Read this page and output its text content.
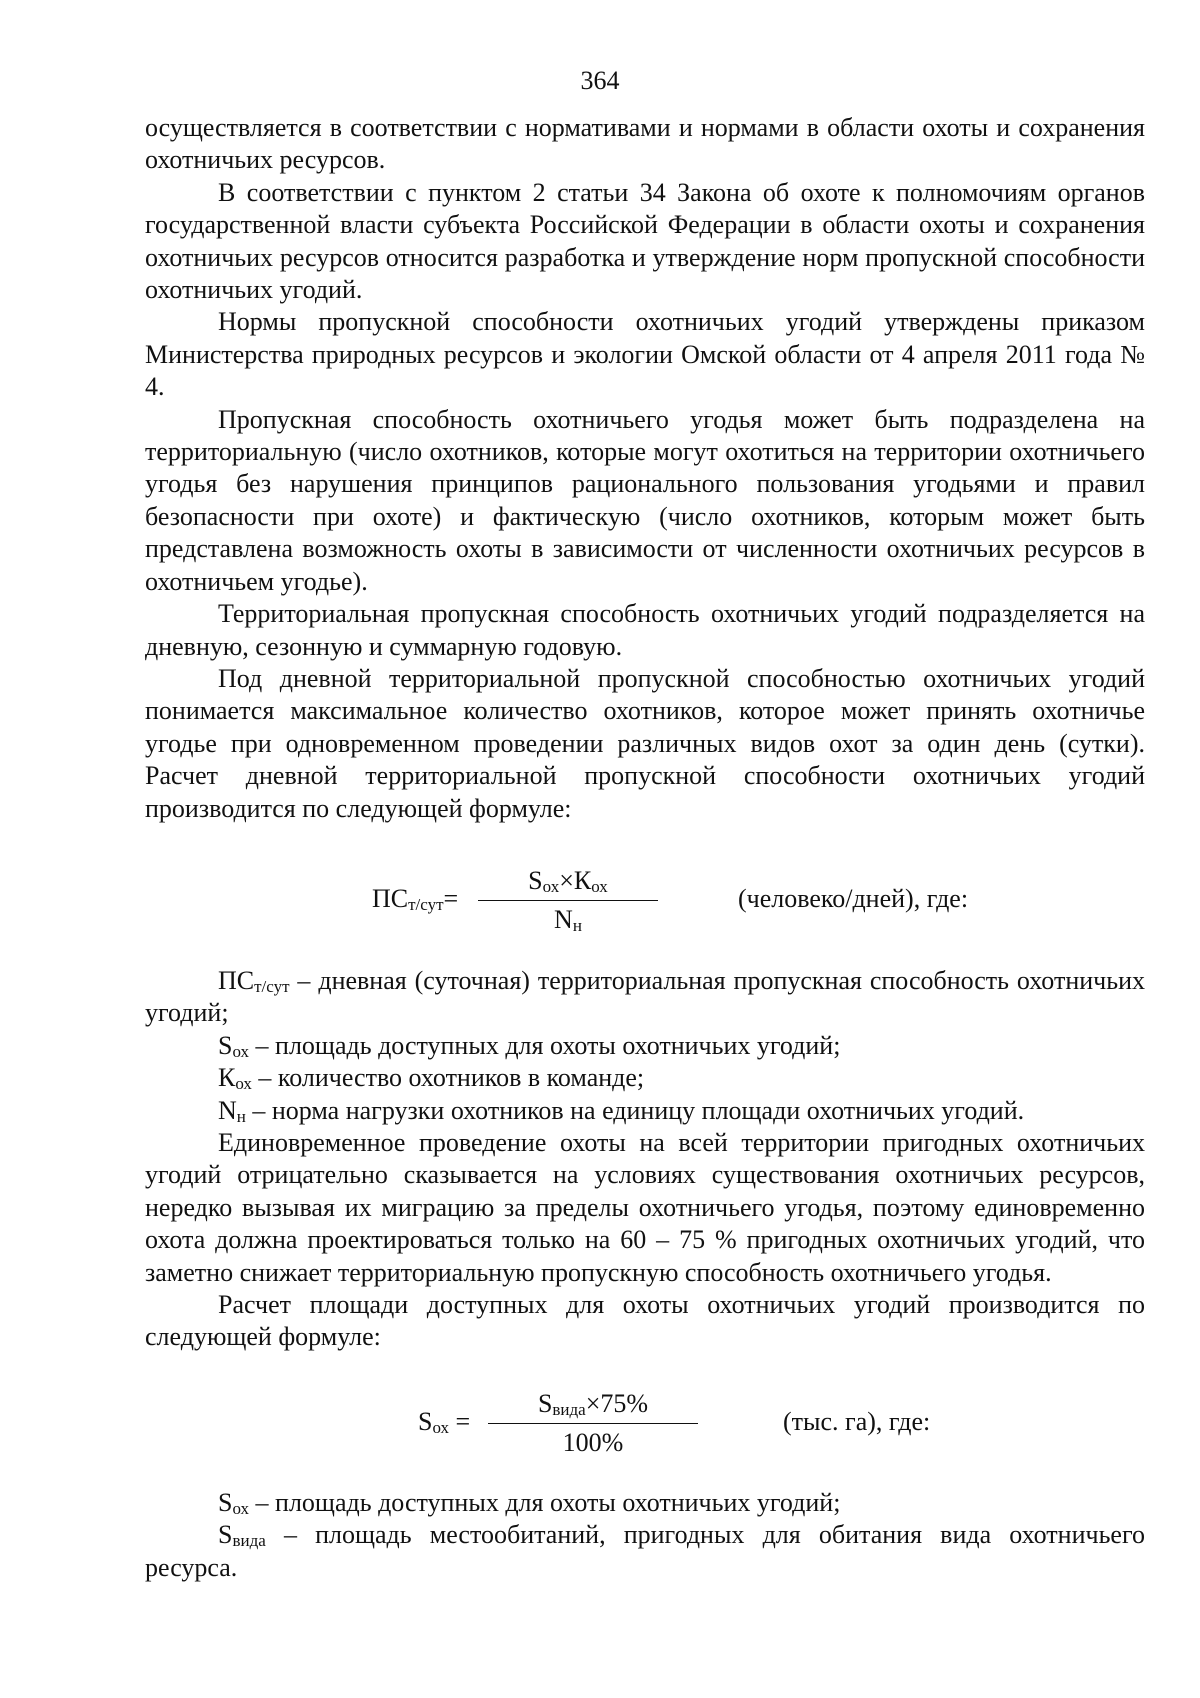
364

осуществляется в соответствии с нормативами и нормами в области охоты и сохранения охотничьих ресурсов.

В соответствии с пунктом 2 статьи 34 Закона об охоте к полномочиям органов государственной власти субъекта Российской Федерации в области охоты и сохранения охотничьих ресурсов относится разработка и утверждение норм пропускной способности охотничьих угодий.

Нормы пропускной способности охотничьих угодий утверждены приказом Министерства природных ресурсов и экологии Омской области от 4 апреля 2011 года № 4.

Пропускная способность охотничьего угодья может быть подразделена на территориальную (число охотников, которые могут охотиться на территории охотничьего угодья без нарушения принципов рационального пользования угодьями и правил безопасности при охоте) и фактическую (число охотников, которым может быть представлена возможность охоты в зависимости от численности охотничьих ресурсов в охотничьем угодье).

Территориальная пропускная способность охотничьих угодий подразделяется на дневную, сезонную и суммарную годовую.

Под дневной территориальной пропускной способностью охотничьих угодий понимается максимальное количество охотников, которое может принять охотничье угодье при одновременном проведении различных видов охот за один день (сутки). Расчет дневной территориальной пропускной способности охотничьих угодий производится по следующей формуле:

$ПС_{т/сут}=$
$S_{ох}\times К_{ох}$
$N_н$
(человеко/дней), где:

$ПС_{т/сут}$ – дневная (суточная) территориальная пропускная способность охотничьих угодий;

$S_{ох}$ – площадь доступных для охоты охотничьих угодий;

$К_{ох}$ – количество охотников в команде;

$N_н$ – норма нагрузки охотников на единицу площади охотничьих угодий.

Единовременное проведение охоты на всей территории пригодных охотничьих угодий отрицательно сказывается на условиях существования охотничьих ресурсов, нередко вызывая их миграцию за пределы охотничьего угодья, поэтому единовременно охота должна проектироваться только на 60 – 75 % пригодных охотничьих угодий, что заметно снижает территориальную пропускную способность охотничьего угодья.

Расчет площади доступных для охоты охотничьих угодий производится по следующей формуле:

$S_{ох}$ =
$S_{вида}\times 75\%$
100%
(тыс. га), где:

$S_{ох}$ – площадь доступных для охоты охотничьих угодий;

$S_{вида}$ – площадь местообитаний, пригодных для обитания вида охотничьего ресурса.
